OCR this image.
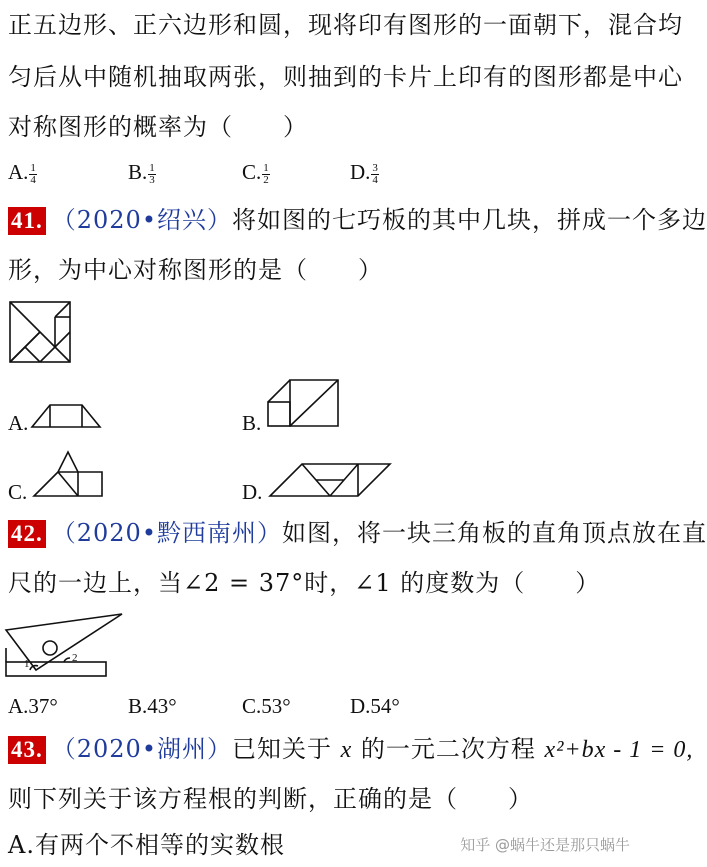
正五边形、正六边形和圆，现将印有图形的一面朝下，混合均
匀后从中随机抽取两张，则抽到的卡片上印有的图形都是中心
对称图形的概率为（　　）
A. $\frac{1}{4}$	B. $\frac{1}{3}$	C. $\frac{1}{2}$	D. $\frac{3}{4}$
41. （2020•绍兴）将如图的七巧板的其中几块，拼成一个多边
形，为中心对称图形的是（　　）
A.	B.
C.	D.
42. （2020•黔西南州）如图，将一块三角板的直角顶点放在直
尺的一边上，当∠2 = 37°时，∠1 的度数为（　　）
1	2
A.37°	B.43°	C.53°	D.54°
43. （2020•湖州）已知关于 x 的一元二次方程 x²+bx - 1 = 0,
则下列关于该方程根的判断，正确的是（　　）
A.有两个不相等的实数根	知乎 @蜗牛还是那只蜗牛
